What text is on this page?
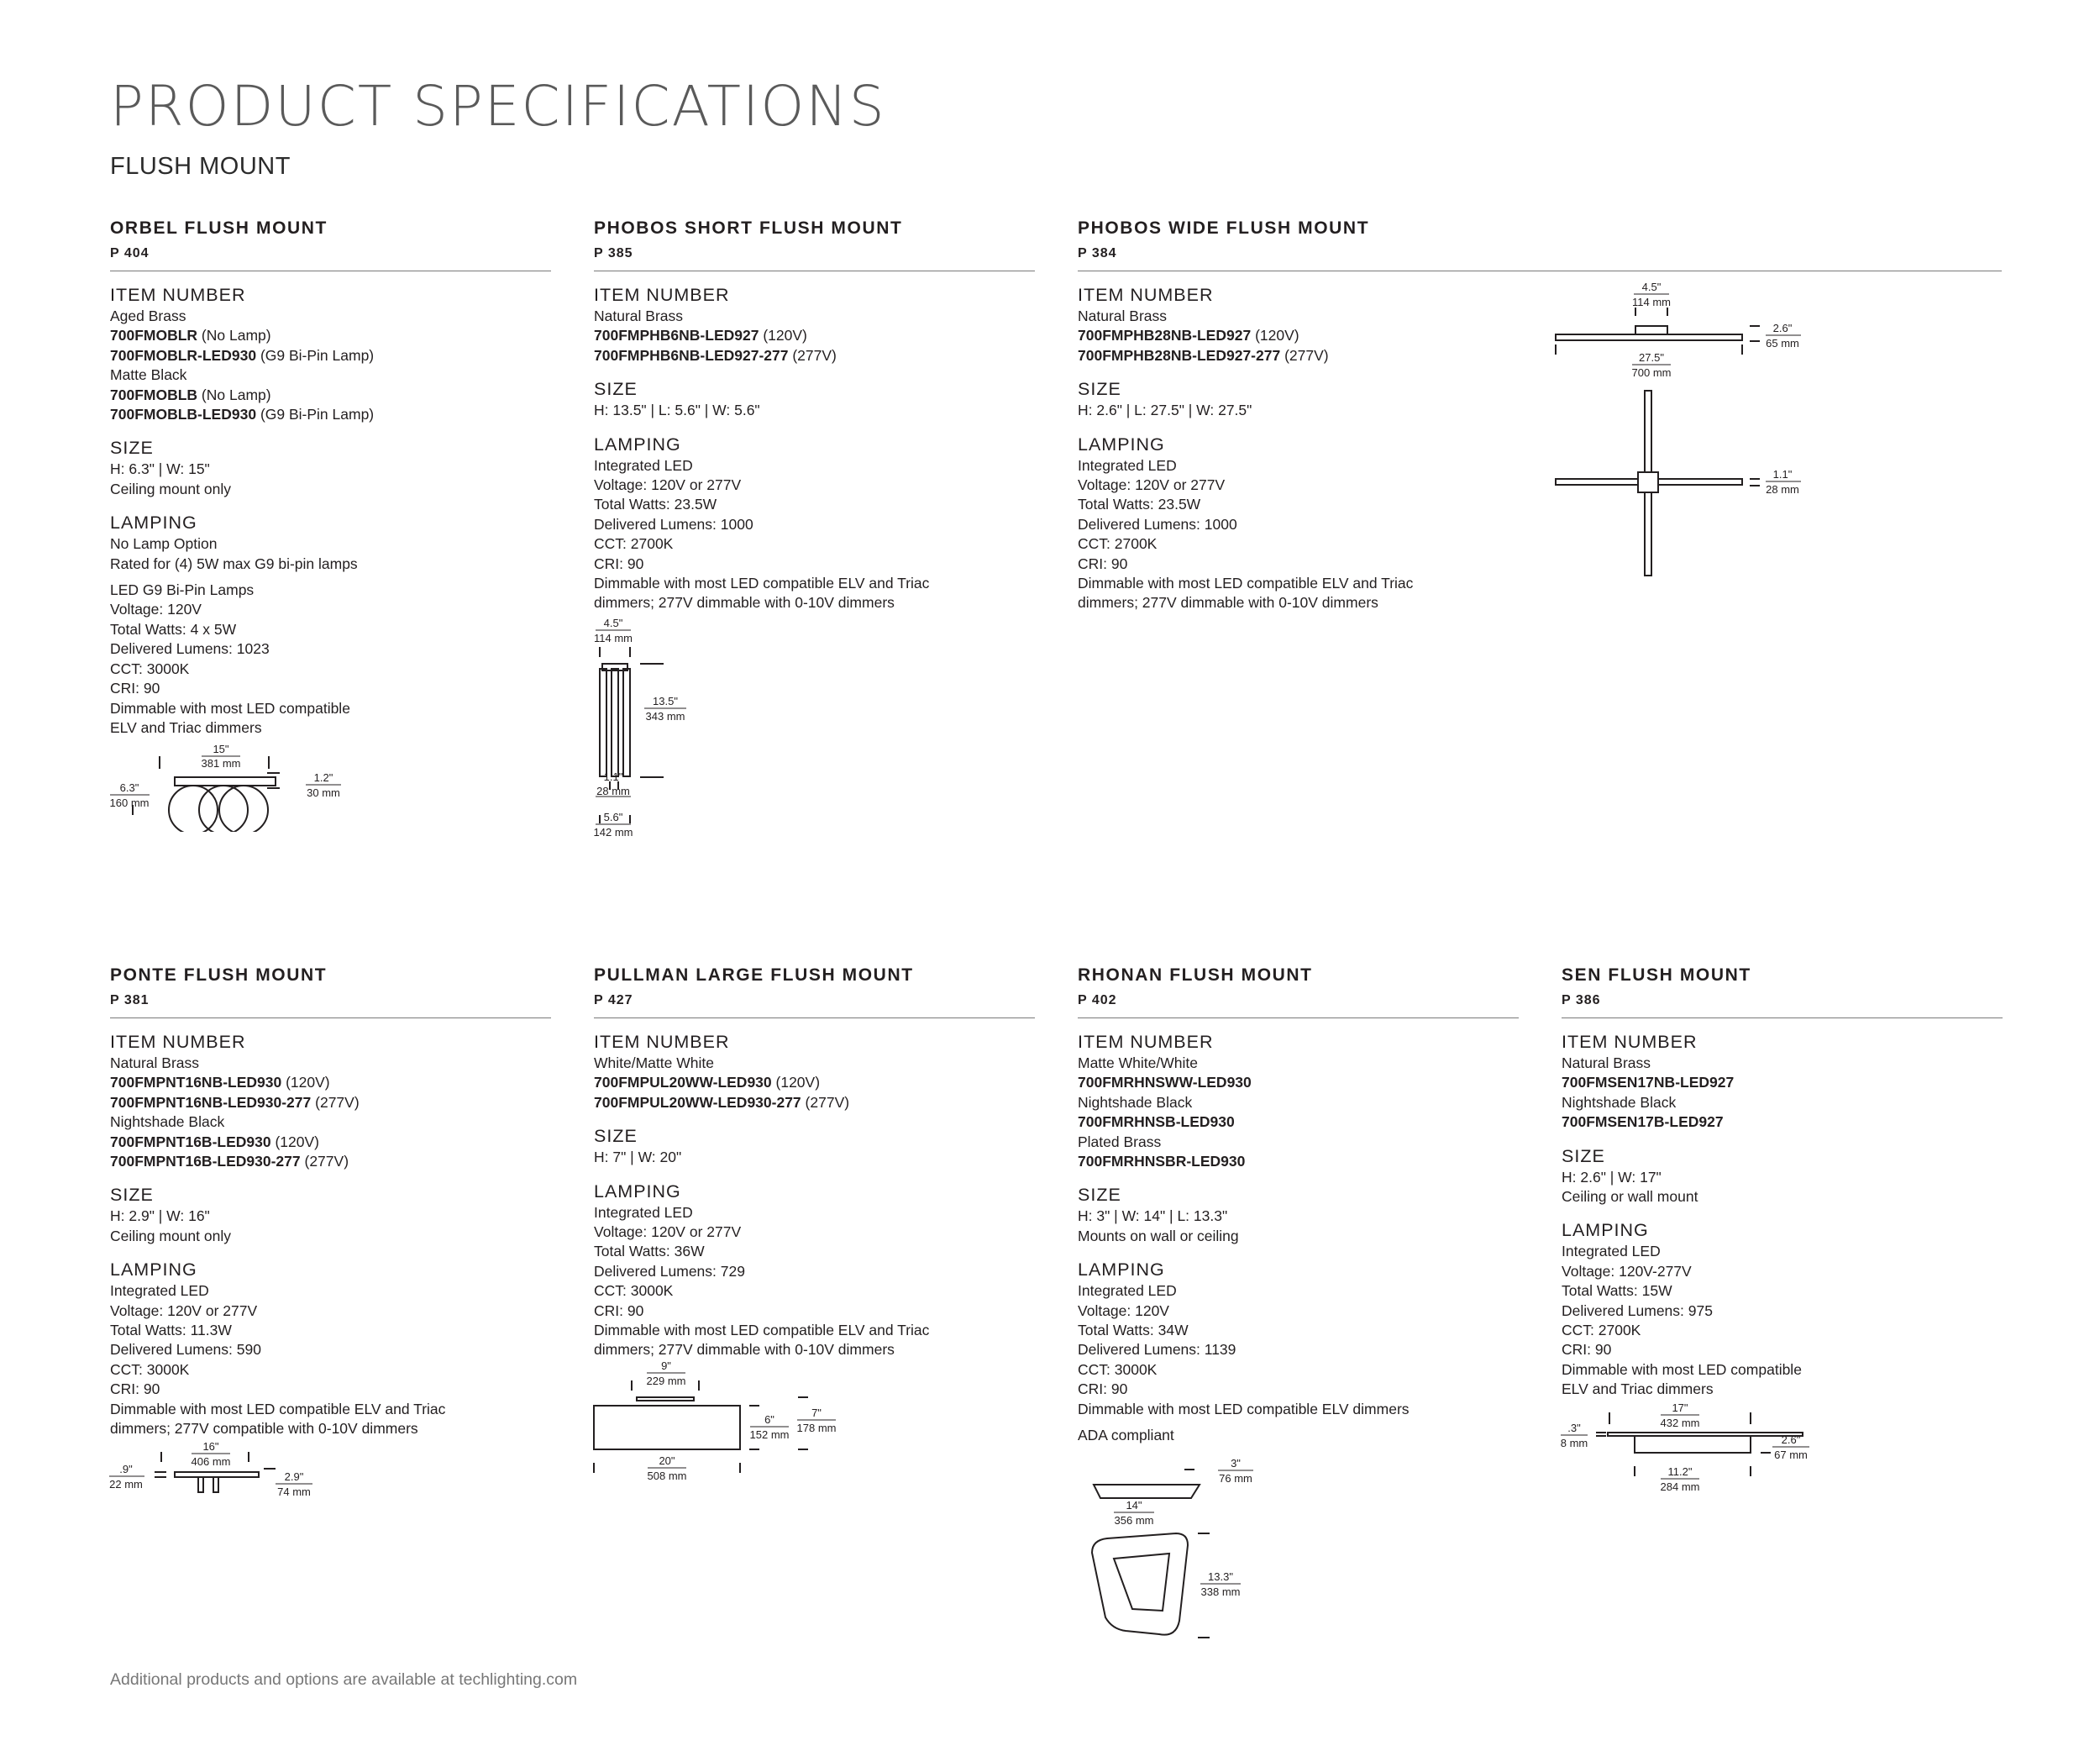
PRODUCT SPECIFICATIONS
FLUSH MOUNT
ORBEL FLUSH MOUNT
P 404
ITEM NUMBER
Aged Brass
700FMOBLR (No Lamp)
700FMOBLR-LED930 (G9 Bi-Pin Lamp)
Matte Black
700FMOBLB (No Lamp)
700FMOBLB-LED930 (G9 Bi-Pin Lamp)
SIZE
H: 6.3" | W: 15"
Ceiling mount only
LAMPING
No Lamp Option
Rated for (4) 5W max G9 bi-pin lamps
LED G9 Bi-Pin Lamps
Voltage: 120V
Total Watts: 4 x 5W
Delivered Lumens: 1023
CCT: 3000K
CRI: 90
Dimmable with most LED compatible
ELV and Triac dimmers
PHOBOS SHORT FLUSH MOUNT
P 385
ITEM NUMBER
Natural Brass
700FMPHB6NB-LED927 (120V)
700FMPHB6NB-LED927-277 (277V)
SIZE
H: 13.5" | L: 5.6" | W: 5.6"
LAMPING
Integrated LED
Voltage: 120V or 277V
Total Watts: 23.5W
Delivered Lumens: 1000
CCT: 2700K
CRI: 90
Dimmable with most LED compatible ELV and Triac
dimmers; 277V dimmable with 0-10V dimmers
PHOBOS WIDE FLUSH MOUNT
P 384
ITEM NUMBER
Natural Brass
700FMPHB28NB-LED927 (120V)
700FMPHB28NB-LED927-277 (277V)
SIZE
H: 2.6" | L: 27.5" | W: 27.5"
LAMPING
Integrated LED
Voltage: 120V or 277V
Total Watts: 23.5W
Delivered Lumens: 1000
CCT: 2700K
CRI: 90
Dimmable with most LED compatible ELV and Triac
dimmers; 277V dimmable with 0-10V dimmers
PONTE FLUSH MOUNT
P 381
ITEM NUMBER
Natural Brass
700FMPNT16NB-LED930 (120V)
700FMPNT16NB-LED930-277 (277V)
Nightshade Black
700FMPNT16B-LED930 (120V)
700FMPNT16B-LED930-277 (277V)
SIZE
H: 2.9" | W: 16"
Ceiling mount only
LAMPING
Integrated LED
Voltage: 120V or 277V
Total Watts: 11.3W
Delivered Lumens: 590
CCT: 3000K
CRI: 90
Dimmable with most LED compatible ELV and Triac
dimmers; 277V compatible with 0-10V dimmers
PULLMAN LARGE FLUSH MOUNT
P 427
ITEM NUMBER
White/Matte White
700FMPUL20WW-LED930 (120V)
700FMPUL20WW-LED930-277 (277V)
SIZE
H: 7" | W: 20"
LAMPING
Integrated LED
Voltage: 120V or 277V
Total Watts: 36W
Delivered Lumens: 729
CCT: 3000K
CRI: 90
Dimmable with most LED compatible ELV and Triac
dimmers; 277V dimmable with 0-10V dimmers
RHONAN FLUSH MOUNT
P 402
ITEM NUMBER
Matte White/White
700FMRHNSWW-LED930
Nightshade Black
700FMRHNSB-LED930
Plated Brass
700FMRHNSBR-LED930
SIZE
H: 3" | W: 14" | L: 13.3"
Mounts on wall or ceiling
LAMPING
Integrated LED
Voltage: 120V
Total Watts: 34W
Delivered Lumens: 1139
CCT: 3000K
CRI: 90
Dimmable with most LED compatible ELV dimmers
ADA compliant
SEN FLUSH MOUNT
P 386
ITEM NUMBER
Natural Brass
700FMSEN17NB-LED927
Nightshade Black
700FMSEN17B-LED927
SIZE
H: 2.6" | W: 17"
Ceiling or wall mount
LAMPING
Integrated LED
Voltage: 120V-277V
Total Watts: 15W
Delivered Lumens: 975
CCT: 2700K
CRI: 90
Dimmable with most LED compatible
ELV and Triac dimmers
15"
381 mm
1.2"
30 mm
6.3"
160 mm
4.5"
114 mm
13.5"
343 mm
1.1"
28 mm
5.6"
142 mm
4.5"
114 mm
2.6"
65 mm
27.5"
700 mm
1.1"
28 mm
16"
406 mm
.9"
22 mm
2.9"
74 mm
9"
229 mm
6"
152 mm
7"
178 mm
20"
508 mm
3"
76 mm
14"
356 mm
13.3"
338 mm
17"
432 mm
.3"
8 mm	2.6"
67 mm
11.2"
284 mm
Additional products and options are available at techlighting.com
